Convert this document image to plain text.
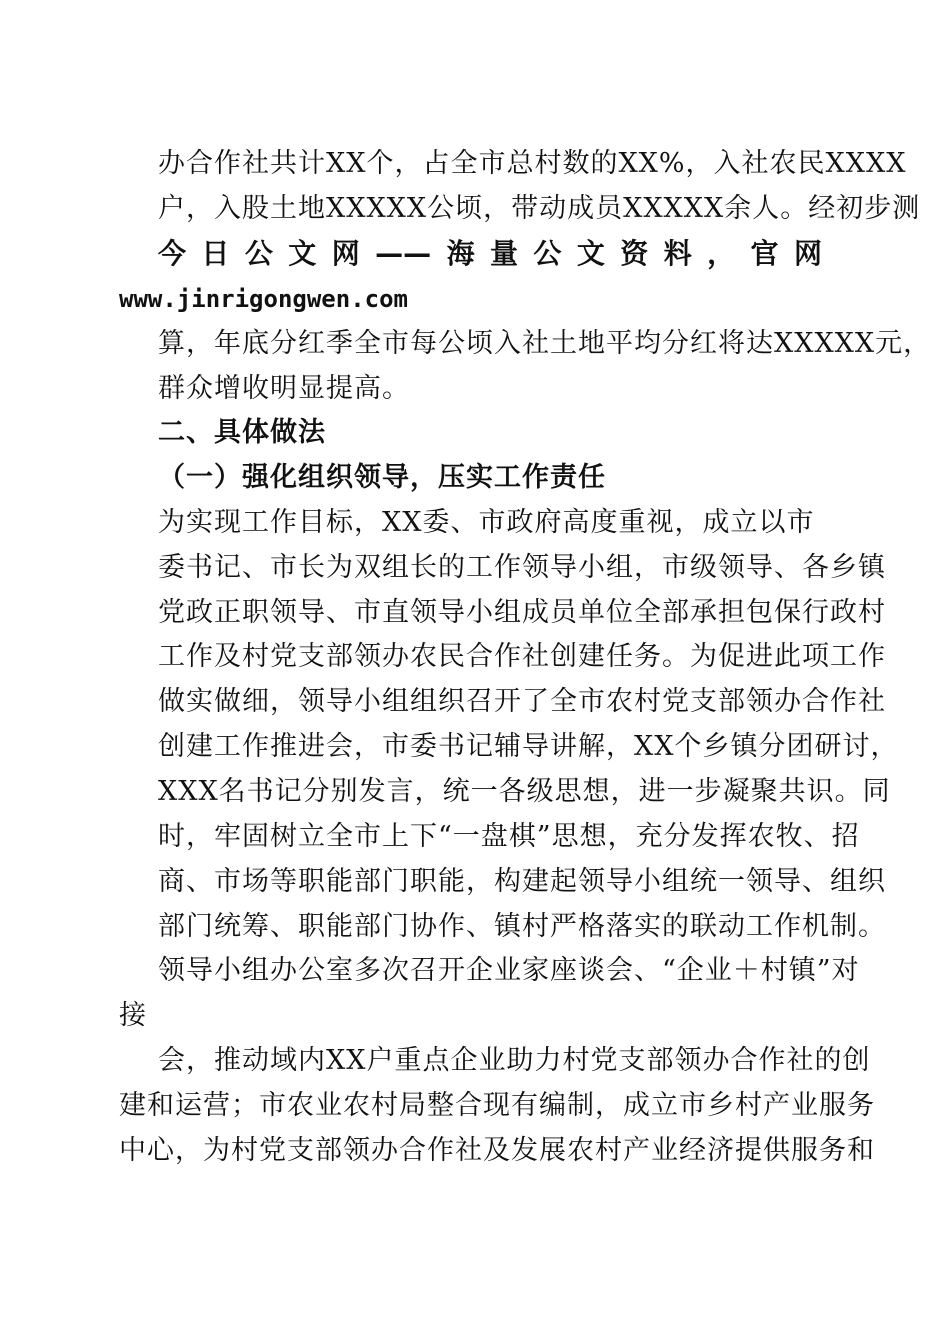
办合作社共计XX个，占全市总村数的XX%，入社农民XXXX
户，入股土地XXXXX公顷，带动成员XXXXX余人。经初步测
今日公文网——海量公文资料，官网
www.jinrigongwen.com
算，年底分红季全市每公顷入社土地平均分红将达XXXXX元，
群众增收明显提高。
二、具体做法
（一）强化组织领导，压实工作责任
为实现工作目标，XX委、市政府高度重视，成立以市
委书记、市长为双组长的工作领导小组，市级领导、各乡镇
党政正职领导、市直领导小组成员单位全部承担包保行政村
工作及村党支部领办农民合作社创建任务。为促进此项工作
做实做细，领导小组组织召开了全市农村党支部领办合作社
创建工作推进会，市委书记辅导讲解，XX个乡镇分团研讨，
XXX名书记分别发言，统一各级思想，进一步凝聚共识。同
时，牢固树立全市上下“一盘棋”思想，充分发挥农牧、招
商、市场等职能部门职能，构建起领导小组统一领导、组织
部门统筹、职能部门协作、镇村严格落实的联动工作机制。
领导小组办公室多次召开企业家座谈会、“企业＋村镇”对
接
会，推动域内XX户重点企业助力村党支部领办合作社的创
建和运营；市农业农村局整合现有编制，成立市乡村产业服务
中心，为村党支部领办合作社及发展农村产业经济提供服务和
